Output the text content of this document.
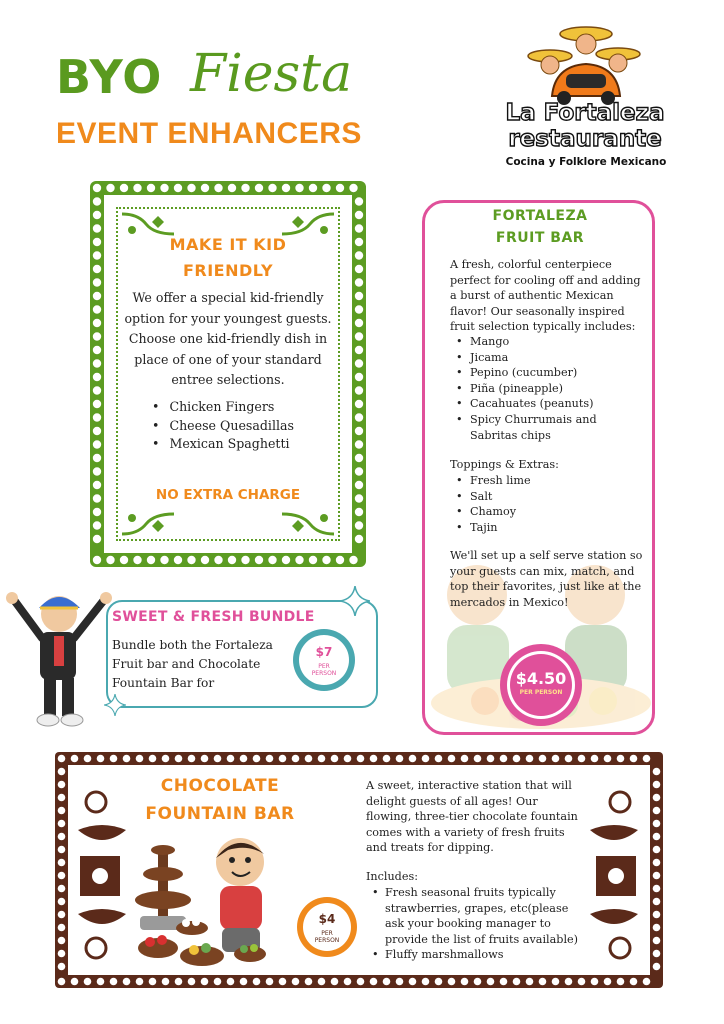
BYO Fiesta
EVENT ENHANCERS
La Fortaleza
restaurante
Cocina y Folklore Mexicano
MAKE IT KID
FRIENDLY
We offer a special kid-friendly option for your youngest guests. Choose one kid-friendly dish in place of one of your standard entree selections.
• Chicken Fingers
• Cheese Quesadillas
• Mexican Spaghetti
NO EXTRA CHARGE
FORTALEZA
FRUIT BAR
A fresh, colorful centerpiece perfect for cooling off and adding a burst of authentic Mexican flavor! Our seasonally inspired fruit selection typically includes:
• Mango
• Jicama
• Pepino (cucumber)
• Piña (pineapple)
• Cacahuates (peanuts)
• Spicy Churrumais and Sabritas chips
Toppings & Extras:
• Fresh lime
• Salt
• Chamoy
• Tajin
We'll set up a self serve station so your guests can mix, match, and top their favorites, just like at the mercados in Mexico!
$4.50
PER PERSON
SWEET & FRESH BUNDLE
Bundle both the Fortaleza Fruit bar and Chocolate Fountain Bar for
$7
PER
PERSON
CHOCOLATE
FOUNTAIN BAR
A sweet, interactive station that will delight guests of all ages! Our flowing, three-tier chocolate fountain comes with a variety of fresh fruits and treats for dipping.
Includes:
• Fresh seasonal fruits typically strawberries, grapes, etc(please ask your booking manager to provide the list of fruits available)
• Fluffy marshmallows
$4
PER
PERSON
